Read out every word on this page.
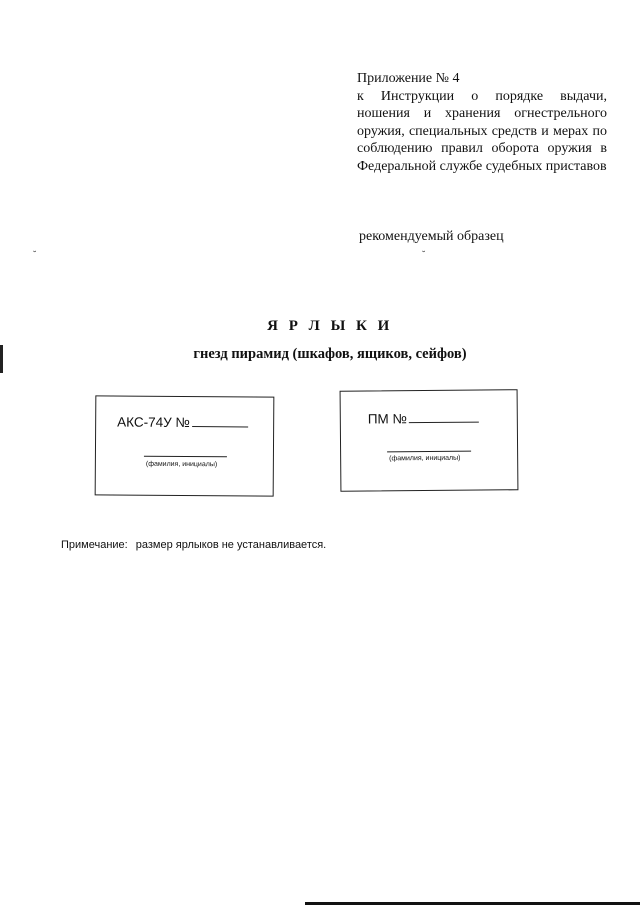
Приложение № 4
к Инструкции о порядке выдачи, ношения и хранения огнестрельного оружия, специальных средств и мерах по соблюдению правил оборота оружия в Федеральной службе судебных приставов
рекомендуемый образец
˘	˘
Я Р Л Ы К И
гнезд пирамид (шкафов, ящиков, сейфов)
АКС-74У №
(фамилия, инициалы)
ПМ №
(фамилия, инициалы)
Примечание: размер ярлыков не устанавливается.
